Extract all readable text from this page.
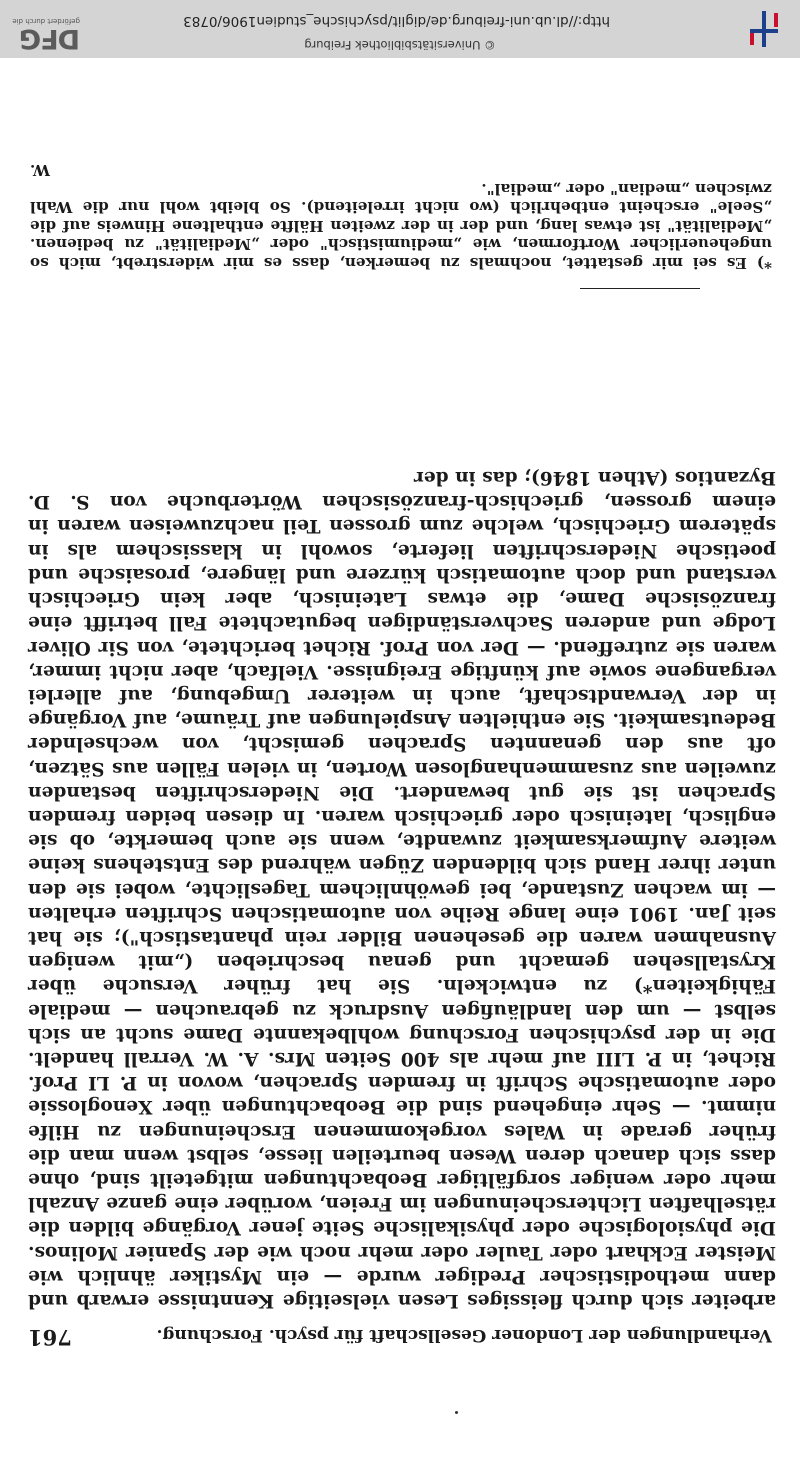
Verhandlungen der Londoner Gesellschaft für psych. Forschung.
761

arbeiter sich durch fleissiges Lesen vielseitige Kenntnisse erwarb und dann methodistischer Prediger wurde — ein Mystiker ähnlich wie Meister Eckhart oder Tauler oder mehr noch wie der Spanier Molinos. Die physiologische oder physikalische Seite jener Vorgänge bilden die rätselhaften Lichterscheinungen im Freien, worüber eine ganze Anzahl mehr oder weniger sorgfältiger Beobachtungen mitgeteilt sind, ohne dass sich danach deren Wesen beurteilen liesse, selbst wenn man die früher gerade in Wales vorgekommenen Erscheinungen zu Hilfe nimmt. — Sehr eingehend sind die Beobachtungen über Xenoglossie oder automatische Schrift in fremden Sprachen, wovon in P. LI Prof. Richet, in P. LIII auf mehr als 400 Seiten Mrs. A. W. Verrall handelt. Die in der psychischen Forschung wohlbekannte Dame sucht an sich selbst — um den landläufigen Ausdruck zu gebrauchen — mediale Fähigkeiten*) zu entwickeln. Sie hat früher Versuche über Krystallsehen gemacht und genau beschrieben („mit wenigen Ausnahmen waren die gesehenen Bilder rein phantastisch"); sie hat seit Jan. 1901 eine lange Reihe von automatischen Schriften erhalten — im wachen Zustande, bei gewöhnlichem Tageslichte, wobei sie den unter ihrer Hand sich bildenden Zügen während des Entstehens keine weitere Aufmerksamkeit zuwandte, wenn sie auch bemerkte, ob sie englisch, lateinisch oder griechisch waren. In diesen beiden fremden Sprachen ist sie gut bewandert. Die Niederschriften bestanden zuweilen aus zusammenhanglosen Worten, in vielen Fällen aus Sätzen, oft aus den genannten Sprachen gemischt, von wechselnder Bedeutsamkeit. Sie enthielten Anspielungen auf Träume, auf Vorgänge in der Verwandtschaft, auch in weiterer Umgebung, auf allerlei vergangene sowie auf künftige Ereignisse. Vielfach, aber nicht immer, waren sie zutreffend. — Der von Prof. Richet berichtete, von Sir Oliver Lodge und anderen Sachverständigen begutachtete Fall betrifft eine französische Dame, die etwas Lateinisch, aber kein Griechisch verstand und doch automatisch kürzere und längere, prosaische und poetische Niederschriften lieferte, sowohl in klassischem als in späterem Griechisch, welche zum grossen Teil nachzuweisen waren in einem grossen, griechisch-französischen Wörterbuche von S. D. Byzantios (Athen 1846); das in der

*) Es sei mir gestattet, nochmals zu bemerken, dass es mir widerstrebt, mich so ungeheuerlicher Wortformen, wie „mediumistisch" oder „Medialität" zu bedienen. „Medialität" ist etwas lang, und der in der zweiten Hälfte enthaltene Hinweis auf die „Seele" erscheint entbehrlich (wo nicht irreleitend). So bleibt wohl nur die Wahl zwischen „median" oder „medial".
W.

© Universitätsbibliothek Freiburg
http://dl.ub.uni-freiburg.de/diglit/psychische_studien1906/0783
DFG
gefördert durch die
